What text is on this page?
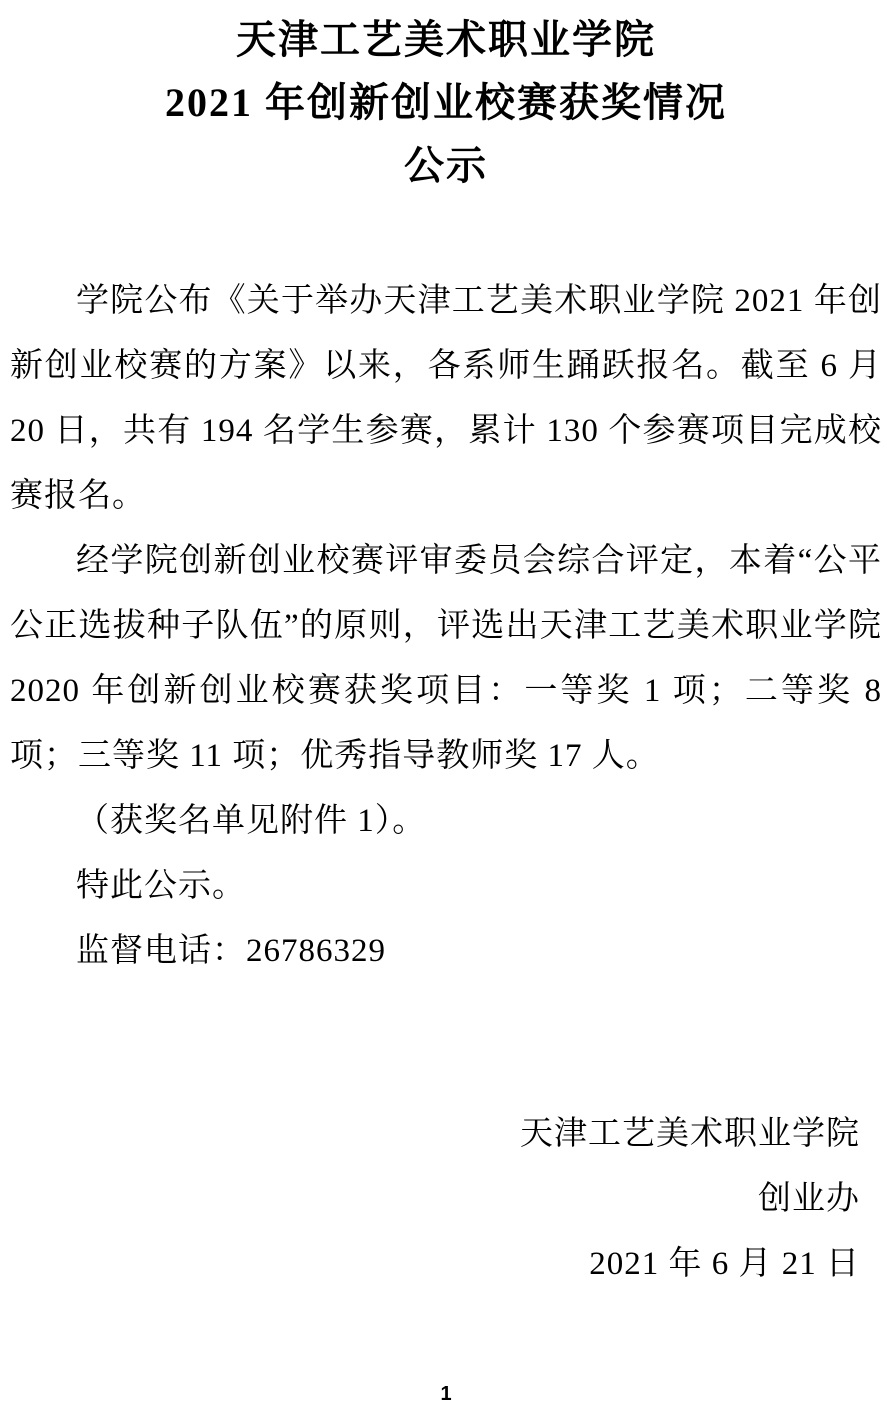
天津工艺美术职业学院
2021 年创新创业校赛获奖情况
公示

学院公布《关于举办天津工艺美术职业学院 2021 年创新创业校赛的方案》以来，各系师生踊跃报名。截至 6 月 20 日，共有 194 名学生参赛，累计 130 个参赛项目完成校赛报名。

经学院创新创业校赛评审委员会综合评定，本着“公平公正选拔种子队伍”的原则，评选出天津工艺美术职业学院 2020 年创新创业校赛获奖项目：一等奖 1 项；二等奖 8 项；三等奖 11 项；优秀指导教师奖 17 人。

（获奖名单见附件 1）。

特此公示。

监督电话：26786329

天津工艺美术职业学院
创业办
2021 年 6 月 21 日
1
